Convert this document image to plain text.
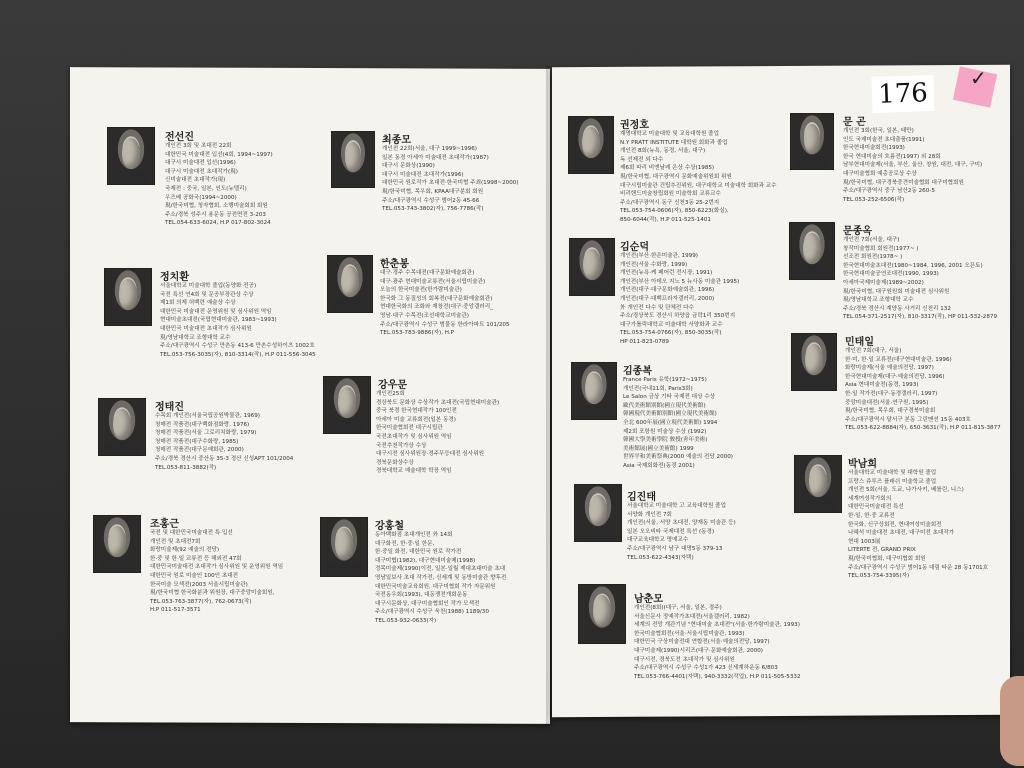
전선진
개인전 3회 및 초대전 22회
대한민국 미술대전 입선(4회, 1994~1997)
대구시 미술대전 입선(1996)
대구시 미술대전 초대작가(現)
신미술대전 초대작가(現)
국제전 : 중국, 일본, 인도(뉴델리)
우즈베 공화국(1994~2000)
現/한국미협, 청자협회, 소행미술회회 회원
주소/경북 성주시 용문동 공전면전 3-203
TEL.054-633-6024, H.P 017-802-3024
정치환
서울대학교 미술대학 졸업(동양화 전공)
국전 특선 연4회 및 문공부장관상 수상
제1회 의제 허백련 예술상 수상
대한민국 미술대전 운영위원 및 심사위원 역임
현대미술초대전(국립현대미술관, 1983~1993)
대한민국 미술대전 초대작가 심사위원
現/영남대학교 조형대학 교수
주소/대구광역시 수성구 만촌동 413-6 만촌수성하이츠 1002호
TEL.053-756-3035(자), 810-3314(작), H.P 011-556-3045
정태진
수목회 개인전(서울국립공원박물관, 1969)
청매전 작품전(대구백화점화랑, 1976)
청매전 작품전(서울 그로리치화랑, 1979)
청매전 작품전(대구수화랑, 1985)
청매전 작품전(대구문예회관, 2000)
주소/경북 경산시 중산동 35-3 경산 신성APT 101/2004
TEL.053-811-3882(작)
조홍근
국전 및 대한민국미술대전 특·입선
개인전 및 초대전7회
화랑미술제(92 예술의 전당)
한·중 및 한·일 교류전 등 해외전 47회
대한민국미술대전 초대작가 심사위원 및 운영위원 역임
대한민국 원로 미술인 100인 초대전
한국미술 모색전(2003 서울시립미술관)
現/한국미협 한국화분과 위원장, 대구중앙미술회원,
TEL.053-763-3877(자), 762-0673(작)
H.P 011-517-3571
최종모
개인전 22회(서울, 대구 1999~1996)
일본 동경 아세아 미술대전 초대작가(1987)
대구시 문화상(1990)
대구시 미술대전 초대작가(1996)
대한민국 원로작가 초대전·한국미협 주최(1998~2000)
現/한국미협, 목우회, KPAA대구분회 회원
주소/대구광역시 수성구 범어2동 45-66
TEL.053-743-3802(자), 756-7786(작)
한춘봉
대구·경주 수목대전(대구문화예술회관)
대구·광주 현대미술교류전(서울시립미술관)
오늘의 한국미술전(한가람미술관)
한국화 그 동질성의 회복전(대구문화예술회관)
현대한국화의 조화와 재창전(대구·중앙갤러리_
영남·대구 수목전(조선대학교미술관)
주소/대구광역시 수성구 범물동 한라아파트 101/205
TEL.053-783-9886(자), H.P
강우문
개인전25회
경상북도 문화상 수상작가 초대전(국립현대미술관)
중국 북경 한국현대작가 100인전
아세아 미술 교류회전(일본 동경)
한국미술협회전 대구시립관
국전초대작가 및 심사위원 역임
국전추천작가상 수상
대구시전 심사위원장·경주무등대전 심사위원
경북문화상수상
경북대학교 예술대학 학장 역임
강홍철
동아백화점 초대개인전 外 14회
대구화전, 한·중·일 한문,
한·중일 화전, 대한민국 원로 작가전
대구미협(1982), 대구현대미술제(1998)
정목미술제(1990)이전, 일본·일월 제대초대미술 초대
영남일보사 초대 작가전, 신세계 및 동방미술관 향후전
대한민국미술교육회원, 대구미협회 작가 자문위원
국전동우회(1993), 대동쟁전개회운동
대구시문화상, 대구미술협회인 작가 모색전
주소/대구광역시 수성구 욱천(1988) 1189/30
TEL.053-932-0633(자)
권정호
계명대학교 미술대학 및 교육대학원 졸업
N.Y PRATT INSTITUTE 대학원 회화과 졸업
개인전 8회(뉴욕, 동경, 서울, 대구)
독 선제전 외 다수
제6회 파리 비엔날레 은상 수상(1985)
現/한국미협, 대구광역시 문화예술위원회 위원
대구시립미술관 건립추진위원, 대구대학교 미술대학 회화과 교수
비리핸드미술창립회원 미술학회 교류교수
주소/대구광역시 동구 신천3동 25-2번지
TEL.053-754-0606(자), 850-6223(화실),
850-6044(작), H.P 011-525-1401
김순덕
개인전(부산·한은미술관, 1999)
개인전(서울·수화랑, 1999)
개인전(뉴욕·케 페어런 전시장, 1991)
개인전(부산 아데오 지노 5 뉴사동 미술관 1995)
개인전(대구·대구문화예술회관, 1996)
개인전(대구·대백프라자갤러리, 2000)
外 개인전 다수 및 단체전 다수
주소/경상북도 경산시 하양읍 금락1리 350번지
대구가톨릭대학교 미술대학 서양화과 교수
TEL.053-754-0766(자), 850-3035(작)
HP 011-823-0789
김종복
France Paris 유학(1972~1975)
개인전(국내11회, Paris3회)
Le Salon 금상 기타 국제전 대상 수상
歐代美術館別館(國立現代美術館)
韓國現代美術館別館(國立現代美術館)
全北 600年展(國立現代美術館) 1994
제2회 포항원 미술상 수상 (1992)
韓國大學美術學院 敎授(靑年美術)
美術館展(國立美術館) 1999
世界平和美術祭典(2000 예술의 전당 2000)
Asia 국제회화전(동경 2001)
김진태
서울대학교 미술대학 고 교육대학원 졸업
서양화 개인전 7회
개인전(서울, 서양 초대전, 양재동 미술관 등)
일본 오오비타 국제대전 특선 (동경)
대구교육대학교 명예교수
주소/대구광역시 남구 대명5동 379-13
TEL.053-622-4343(자택)
남춘모
개인전(8회)(대구, 서울, 일본, 경주)
서울신문사 정예작가초대전(서울갤러리, 1982)
세계의 전망 개관기념 "현대미술 초대전"(서울·한가람미술관, 1993)
한국미술협회전(서울·서울시립미술관, 1993)
대한민국 구상미술전대 연합전(서울·예술의전당, 1997)
대구미술제(1990)시리즈(대구·문화예술회관, 2000)
대구시전, 경북도전 초대작가 및 심사위원
주소/대구광역시 수성구 수성1가 423 신세계하운동 6/803
TEL.053-766-4401(자택), 940-3332(작업), H.P 011-505-5332
문 곤
개인전 3회(한국, 일본, 태만)
인도 국제미술전 초대출품(1991)
한국현대미술회전(1993)
한국 현대미술의 흐름전(1997) 외 28회
남부현대미술제(서울, 부산, 울산, 창원, 대전, 대구, 구미)
대구미술협회 예총공로상 수상
現/한국미협, 대구경북중견미술협회 대구미협회원
주소/대구광역시 중구 남산2동 260-5
TEL.053-252-6506(작)
문종옥
개인전 7회(서울, 대구)
창작미술협회 회원전(1977~ )
선조전 회원전(1978~ )
한국현대미술초대전(1980~1984, 1996, 2001 오픈토)
한국현대미술공연조대전(1990, 1993)
아세아국제미술제(1989~2002)
現/한국미협, 대구원원회 미술대전 심사위원
現/영남대학교 조형대학 교수
주소/경북 경산시 계양동 사거리 신천리 132
TEL.054-371-2517(자), 810-3317(작), HP 011-532-2879
민태일
개인전 7회(대구, 서울)
한·미, 한·일 교류전(대구현대미술관, 1996)
화랑미술제(서울 예술의전당, 1997)
한국현대미술제(대구·예술의전당, 1996)
Asia 현대미술전(동경, 1993)
한·일 작가전(대구·동경갤러리, 1997)
중앙미술대전(서울·연구원, 1995)
現/한국미협, 목우회, 대구경북미술회
주소/대구광역시 달서구 본동 그린맨션 15동 403호
TEL.053-622-8884(자), 650-3631(작), H.P 011-815-3877
박남희
서울대학교 미술대학 및 대학원 졸업
프랑스 쥬루즈 플래쉬 미술학교 졸업
개인전 5회(서울, 도쿄, 나가사키, 베를린, 니스)
세계여성작가회의
대한민국미술대전 특선
한·일, 한·중 교류전
한국화, 신구상회전, 현대여성미술회전
나혜석 미술대전 초대전, 대구미전 초대작가
현대 1003展
LITERTE 전, GRAND PRIX
現/한국미협회, 대구미협회 회원
주소/대구광역시 수성구 범어1동 대림 타운 28 동1701호
TEL.053-754-3395(자)
176
✓
